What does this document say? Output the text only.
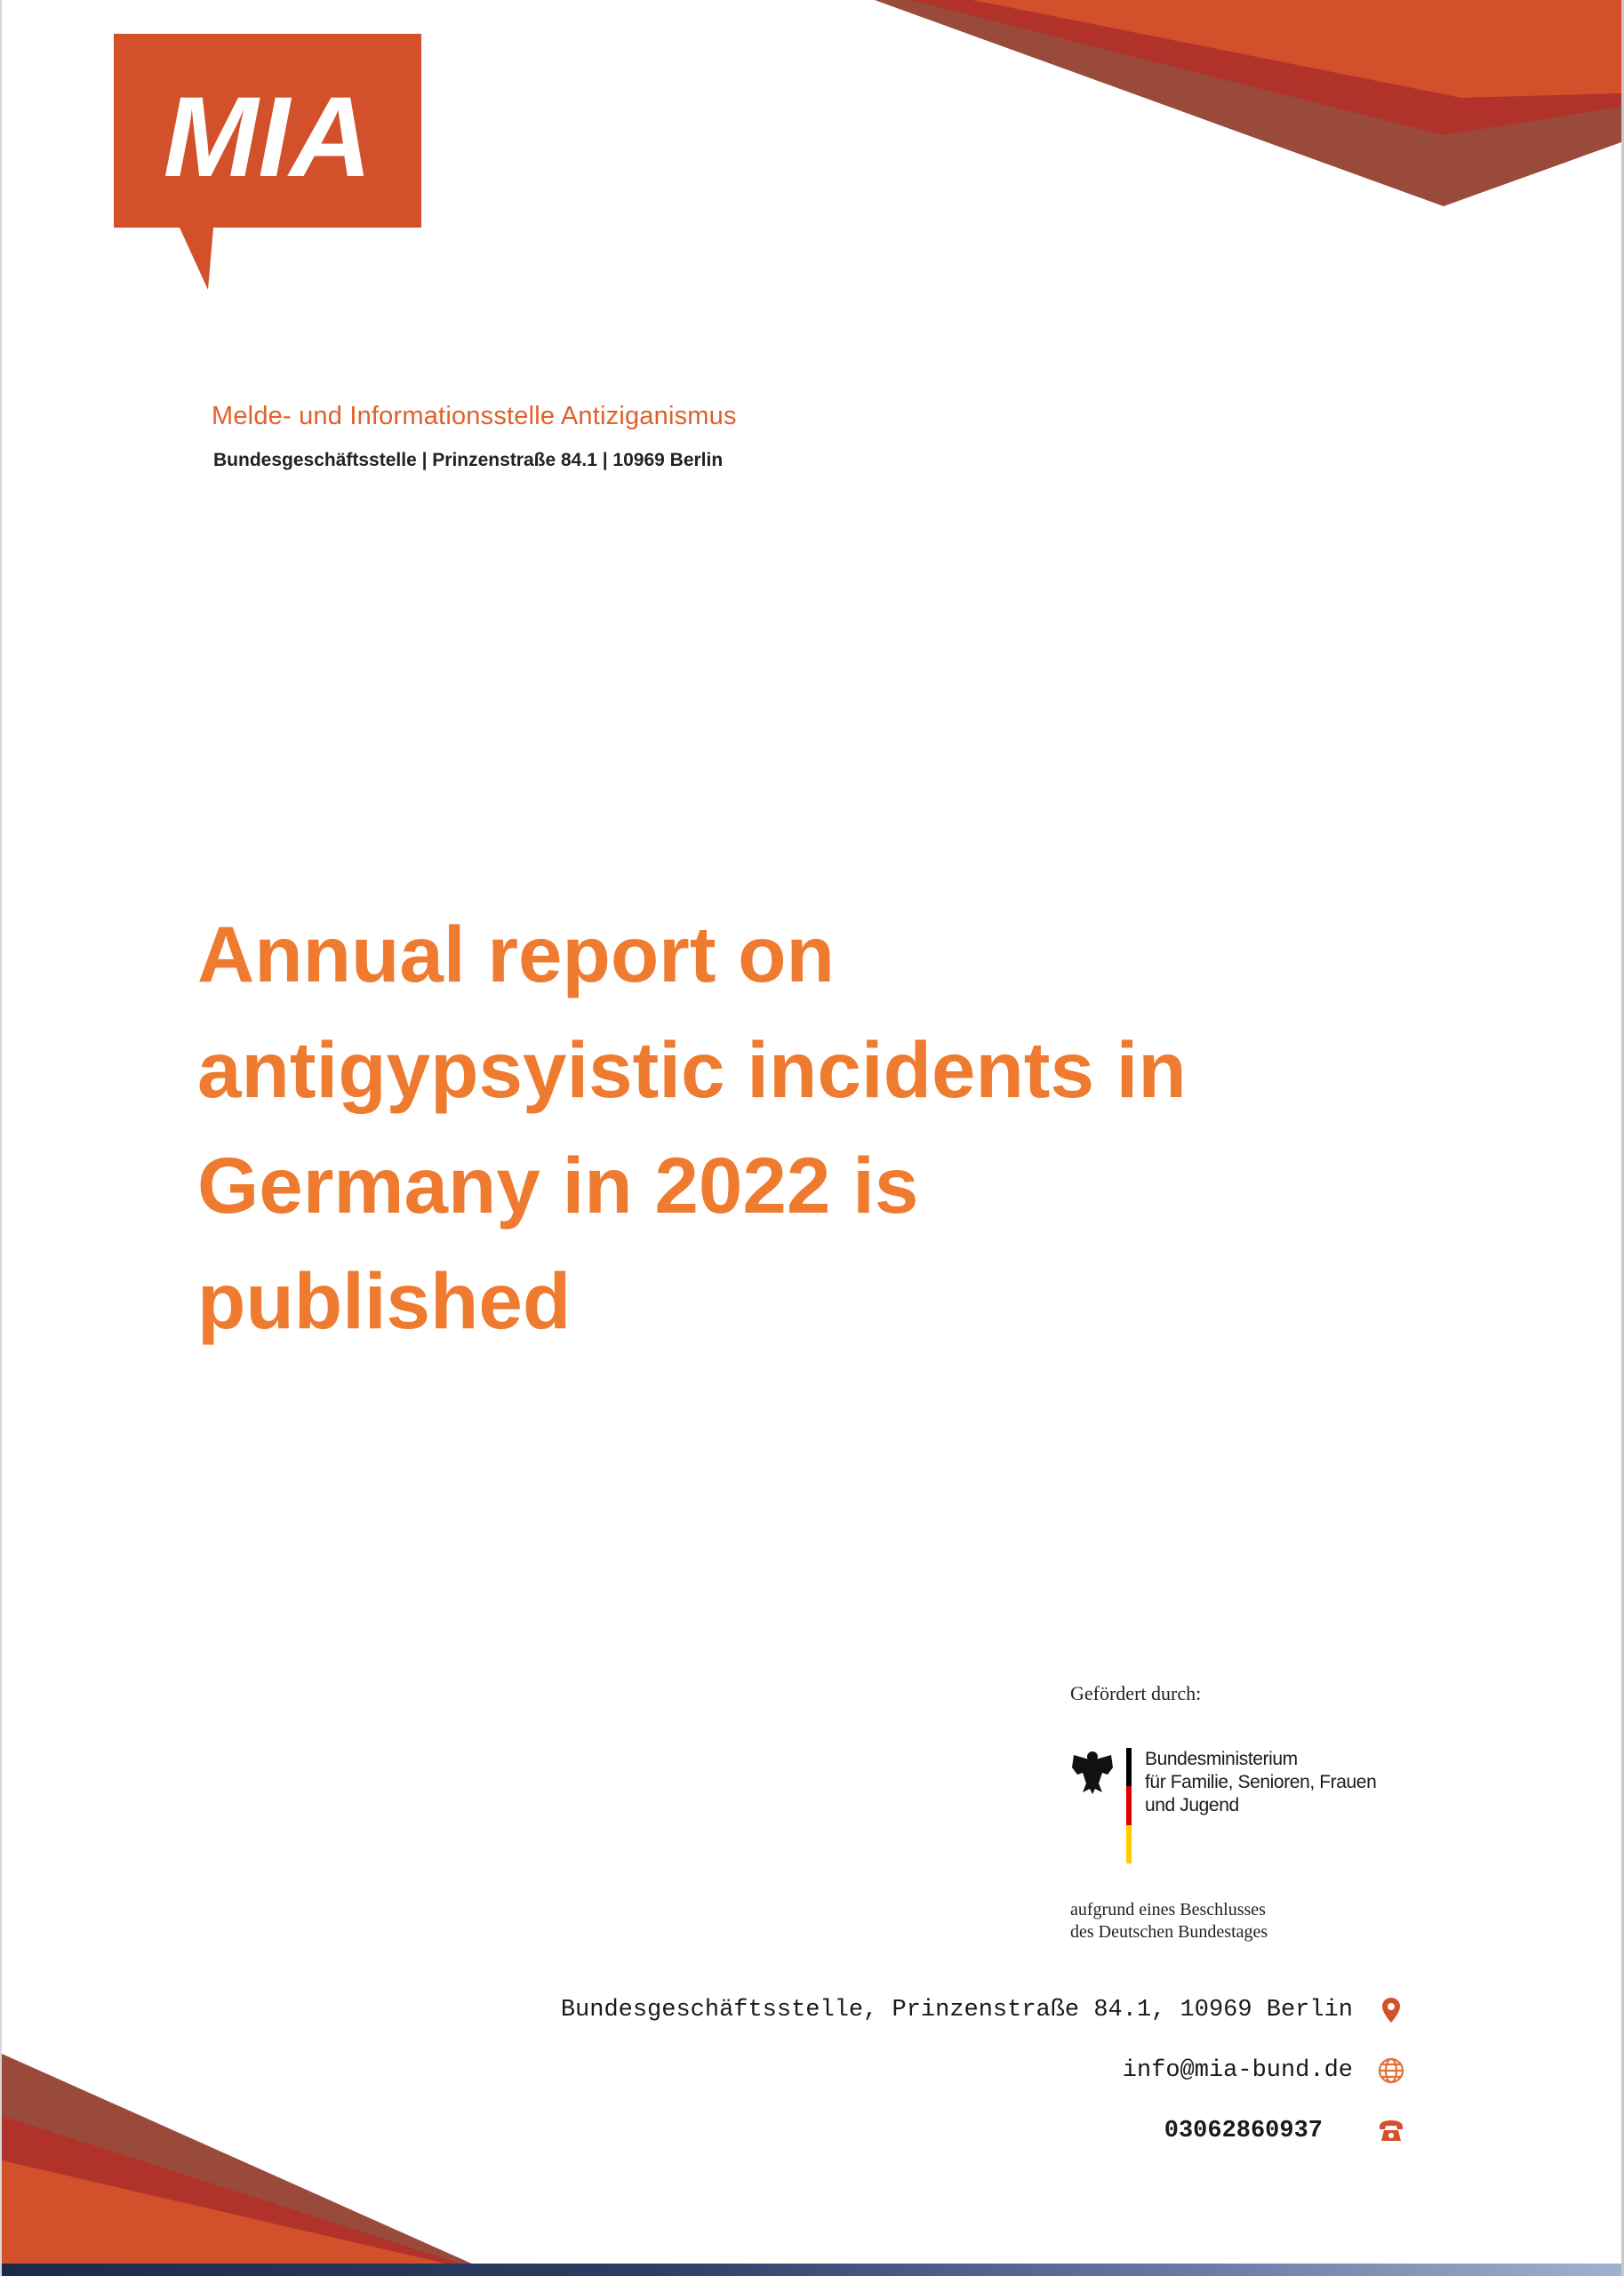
MIA
Melde- und Informationsstelle Antiziganismus
Bundesgeschäftsstelle | Prinzenstraße 84.1 | 10969 Berlin
Annual report on
antigypsyistic incidents in
Germany in 2022 is
published
Gefördert durch:
Bundesministerium
für Familie, Senioren, Frauen
und Jugend
aufgrund eines Beschlusses
des Deutschen Bundestages
Bundesgeschäftsstelle, Prinzenstraße 84.1, 10969 Berlin
info@mia-bund.de
03062860937
